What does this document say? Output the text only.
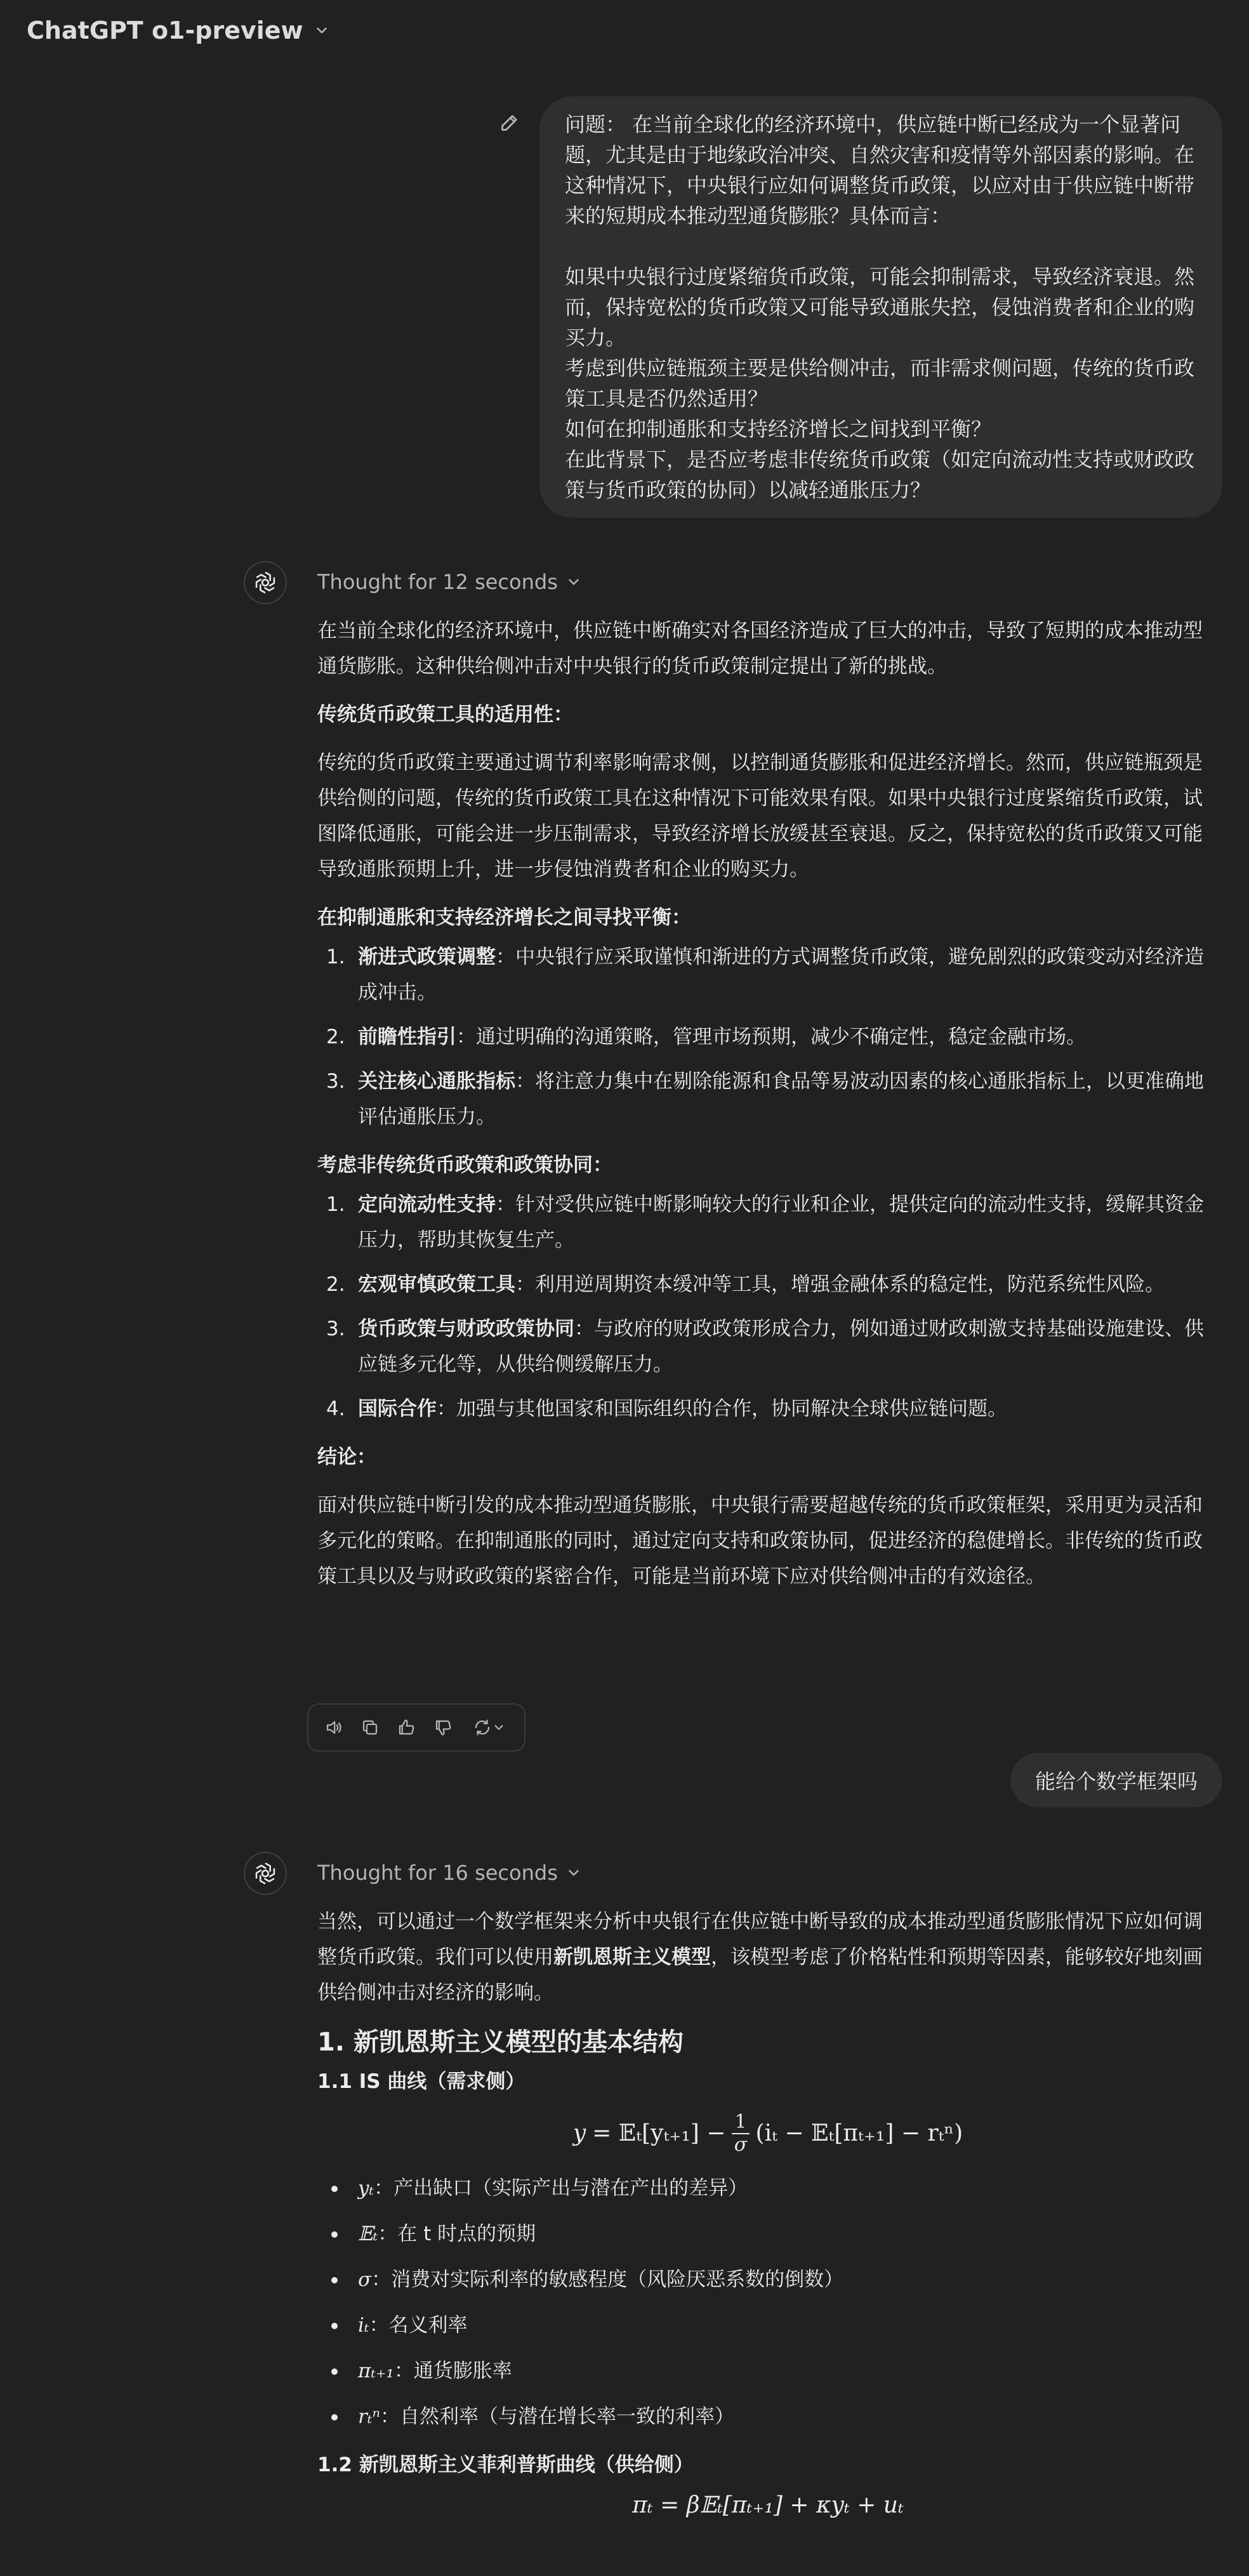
ChatGPT o1-preview

问题： 在当前全球化的经济环境中，供应链中断已经成为一个显著问题，尤其是由于地缘政治冲突、自然灾害和疫情等外部因素的影响。在这种情况下，中央银行应如何调整货币政策，以应对由于供应链中断带来的短期成本推动型通货膨胀？具体而言：

如果中央银行过度紧缩货币政策，可能会抑制需求，导致经济衰退。然而，保持宽松的货币政策又可能导致通胀失控，侵蚀消费者和企业的购买力。

考虑到供应链瓶颈主要是供给侧冲击，而非需求侧问题，传统的货币政策工具是否仍然适用？

如何在抑制通胀和支持经济增长之间找到平衡？

在此背景下，是否应考虑非传统货币政策（如定向流动性支持或财政政策与货币政策的协同）以减轻通胀压力？

Thought for 12 seconds

在当前全球化的经济环境中，供应链中断确实对各国经济造成了巨大的冲击，导致了短期的成本推动型通货膨胀。这种供给侧冲击对中央银行的货币政策制定提出了新的挑战。

传统货币政策工具的适用性：

传统的货币政策主要通过调节利率影响需求侧，以控制通货膨胀和促进经济增长。然而，供应链瓶颈是供给侧的问题，传统的货币政策工具在这种情况下可能效果有限。如果中央银行过度紧缩货币政策，试图降低通胀，可能会进一步压制需求，导致经济增长放缓甚至衰退。反之，保持宽松的货币政策又可能导致通胀预期上升，进一步侵蚀消费者和企业的购买力。

在抑制通胀和支持经济增长之间寻找平衡：

1. 渐进式政策调整：中央银行应采取谨慎和渐进的方式调整货币政策，避免剧烈的政策变动对经济造成冲击。
2. 前瞻性指引：通过明确的沟通策略，管理市场预期，减少不确定性，稳定金融市场。
3. 关注核心通胀指标：将注意力集中在剔除能源和食品等易波动因素的核心通胀指标上，以更准确地评估通胀压力。

考虑非传统货币政策和政策协同：

1. 定向流动性支持：针对受供应链中断影响较大的行业和企业，提供定向的流动性支持，缓解其资金压力，帮助其恢复生产。
2. 宏观审慎政策工具：利用逆周期资本缓冲等工具，增强金融体系的稳定性，防范系统性风险。
3. 货币政策与财政政策协同：与政府的财政政策形成合力，例如通过财政刺激支持基础设施建设、供应链多元化等，从供给侧缓解压力。
4. 国际合作：加强与其他国家和国际组织的合作，协同解决全球供应链问题。

结论：

面对供应链中断引发的成本推动型通货膨胀，中央银行需要超越传统的货币政策框架，采用更为灵活和多元化的策略。在抑制通胀的同时，通过定向支持和政策协同，促进经济的稳健增长。非传统的货币政策工具以及与财政政策的紧密合作，可能是当前环境下应对供给侧冲击的有效途径。

能给个数学框架吗
Thought for 16 seconds

当然，可以通过一个数学框架来分析中央银行在供应链中断导致的成本推动型通货膨胀情况下应如何调整货币政策。我们可以使用新凯恩斯主义模型，该模型考虑了价格粘性和预期等因素，能够较好地刻画供给侧冲击对经济的影响。

1. 新凯恩斯主义模型的基本结构

1.1 IS 曲线（需求侧）

y = 𝔼ₜ[yₜ₊₁] − $\frac{1}{\sigma} (i_t$ − 𝔼ₜ[πₜ₊₁] − rₜⁿ)
yₜ：产出缺口（实际产出与潜在产出的差异）
𝔼ₜ：在 t 时点的预期
σ：消费对实际利率的敏感程度（风险厌恶系数的倒数）
iₜ：名义利率
πₜ₊₁：通货膨胀率
rₜⁿ：自然利率（与潜在增长率一致的利率）

1.2 新凯恩斯主义菲利普斯曲线（供给侧）

πₜ = β𝔼ₜ[πₜ₊₁] + κyₜ + uₜ
